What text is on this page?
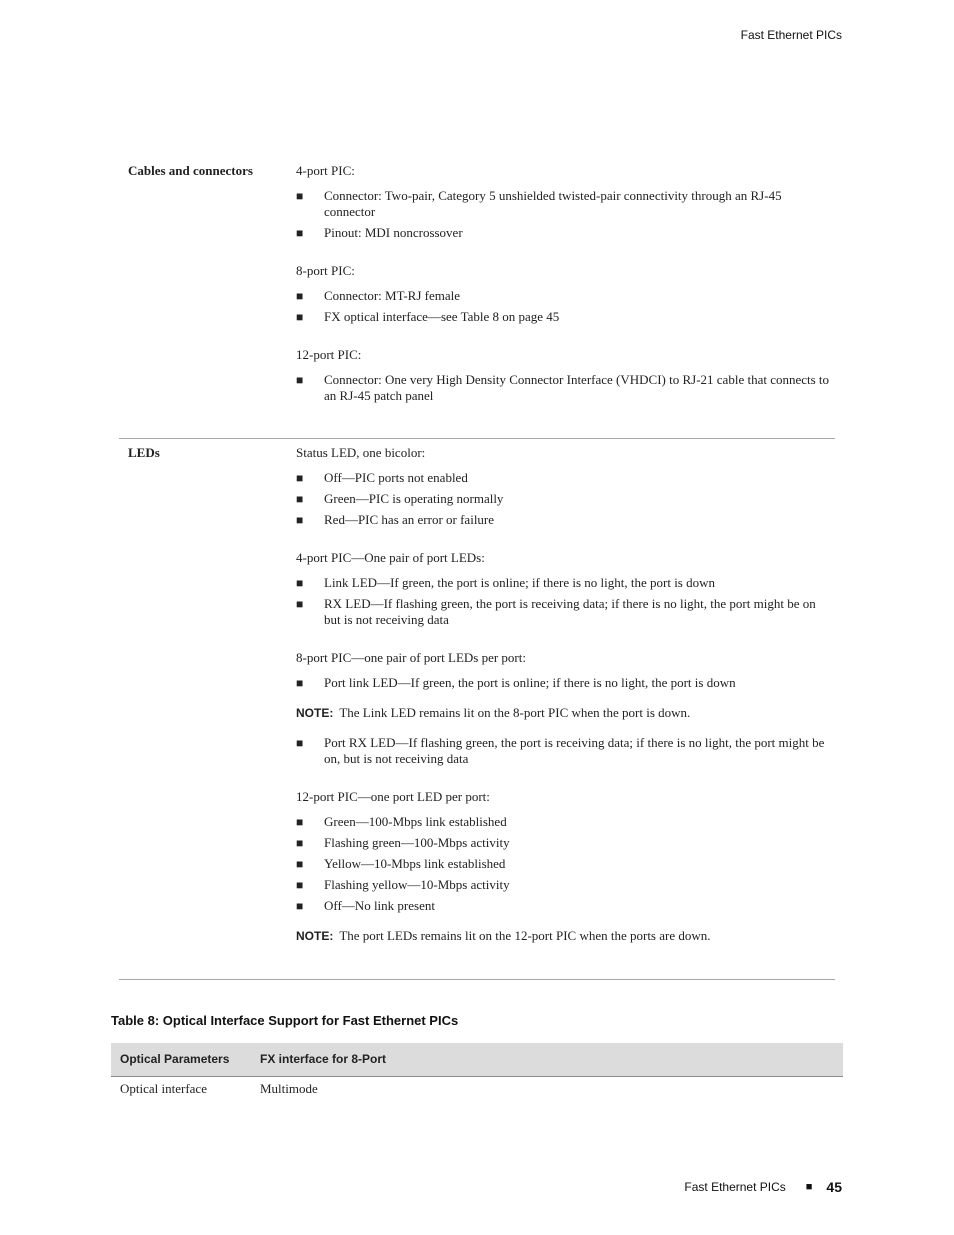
Fast Ethernet PICs
Cables and connectors	4-port PIC:
■ Connector: Two-pair, Category 5 unshielded twisted-pair connectivity through an RJ-45 connector
■ Pinout: MDI noncrossover
8-port PIC:
■ Connector: MT-RJ female
■ FX optical interface—see Table 8 on page 45
12-port PIC:
■ Connector: One very High Density Connector Interface (VHDCI) to RJ-21 cable that connects to an RJ-45 patch panel
LEDs	Status LED, one bicolor:
■ Off—PIC ports not enabled
■ Green—PIC is operating normally
■ Red—PIC has an error or failure
4-port PIC—One pair of port LEDs:
■ Link LED—If green, the port is online; if there is no light, the port is down
■ RX LED—If flashing green, the port is receiving data; if there is no light, the port might be on but is not receiving data
8-port PIC—one pair of port LEDs per port:
■ Port link LED—If green, the port is online; if there is no light, the port is down
NOTE: The Link LED remains lit on the 8-port PIC when the port is down.
■ Port RX LED—If flashing green, the port is receiving data; if there is no light, the port might be on, but is not receiving data
12-port PIC—one port LED per port:
■ Green—100-Mbps link established
■ Flashing green—100-Mbps activity
■ Yellow—10-Mbps link established
■ Flashing yellow—10-Mbps activity
■ Off—No link present
NOTE: The port LEDs remains lit on the 12-port PIC when the ports are down.
Table 8: Optical Interface Support for Fast Ethernet PICs
Optical Parameters	FX interface for 8-Port
Optical interface	Multimode
Fast Ethernet PICs ■ 45
